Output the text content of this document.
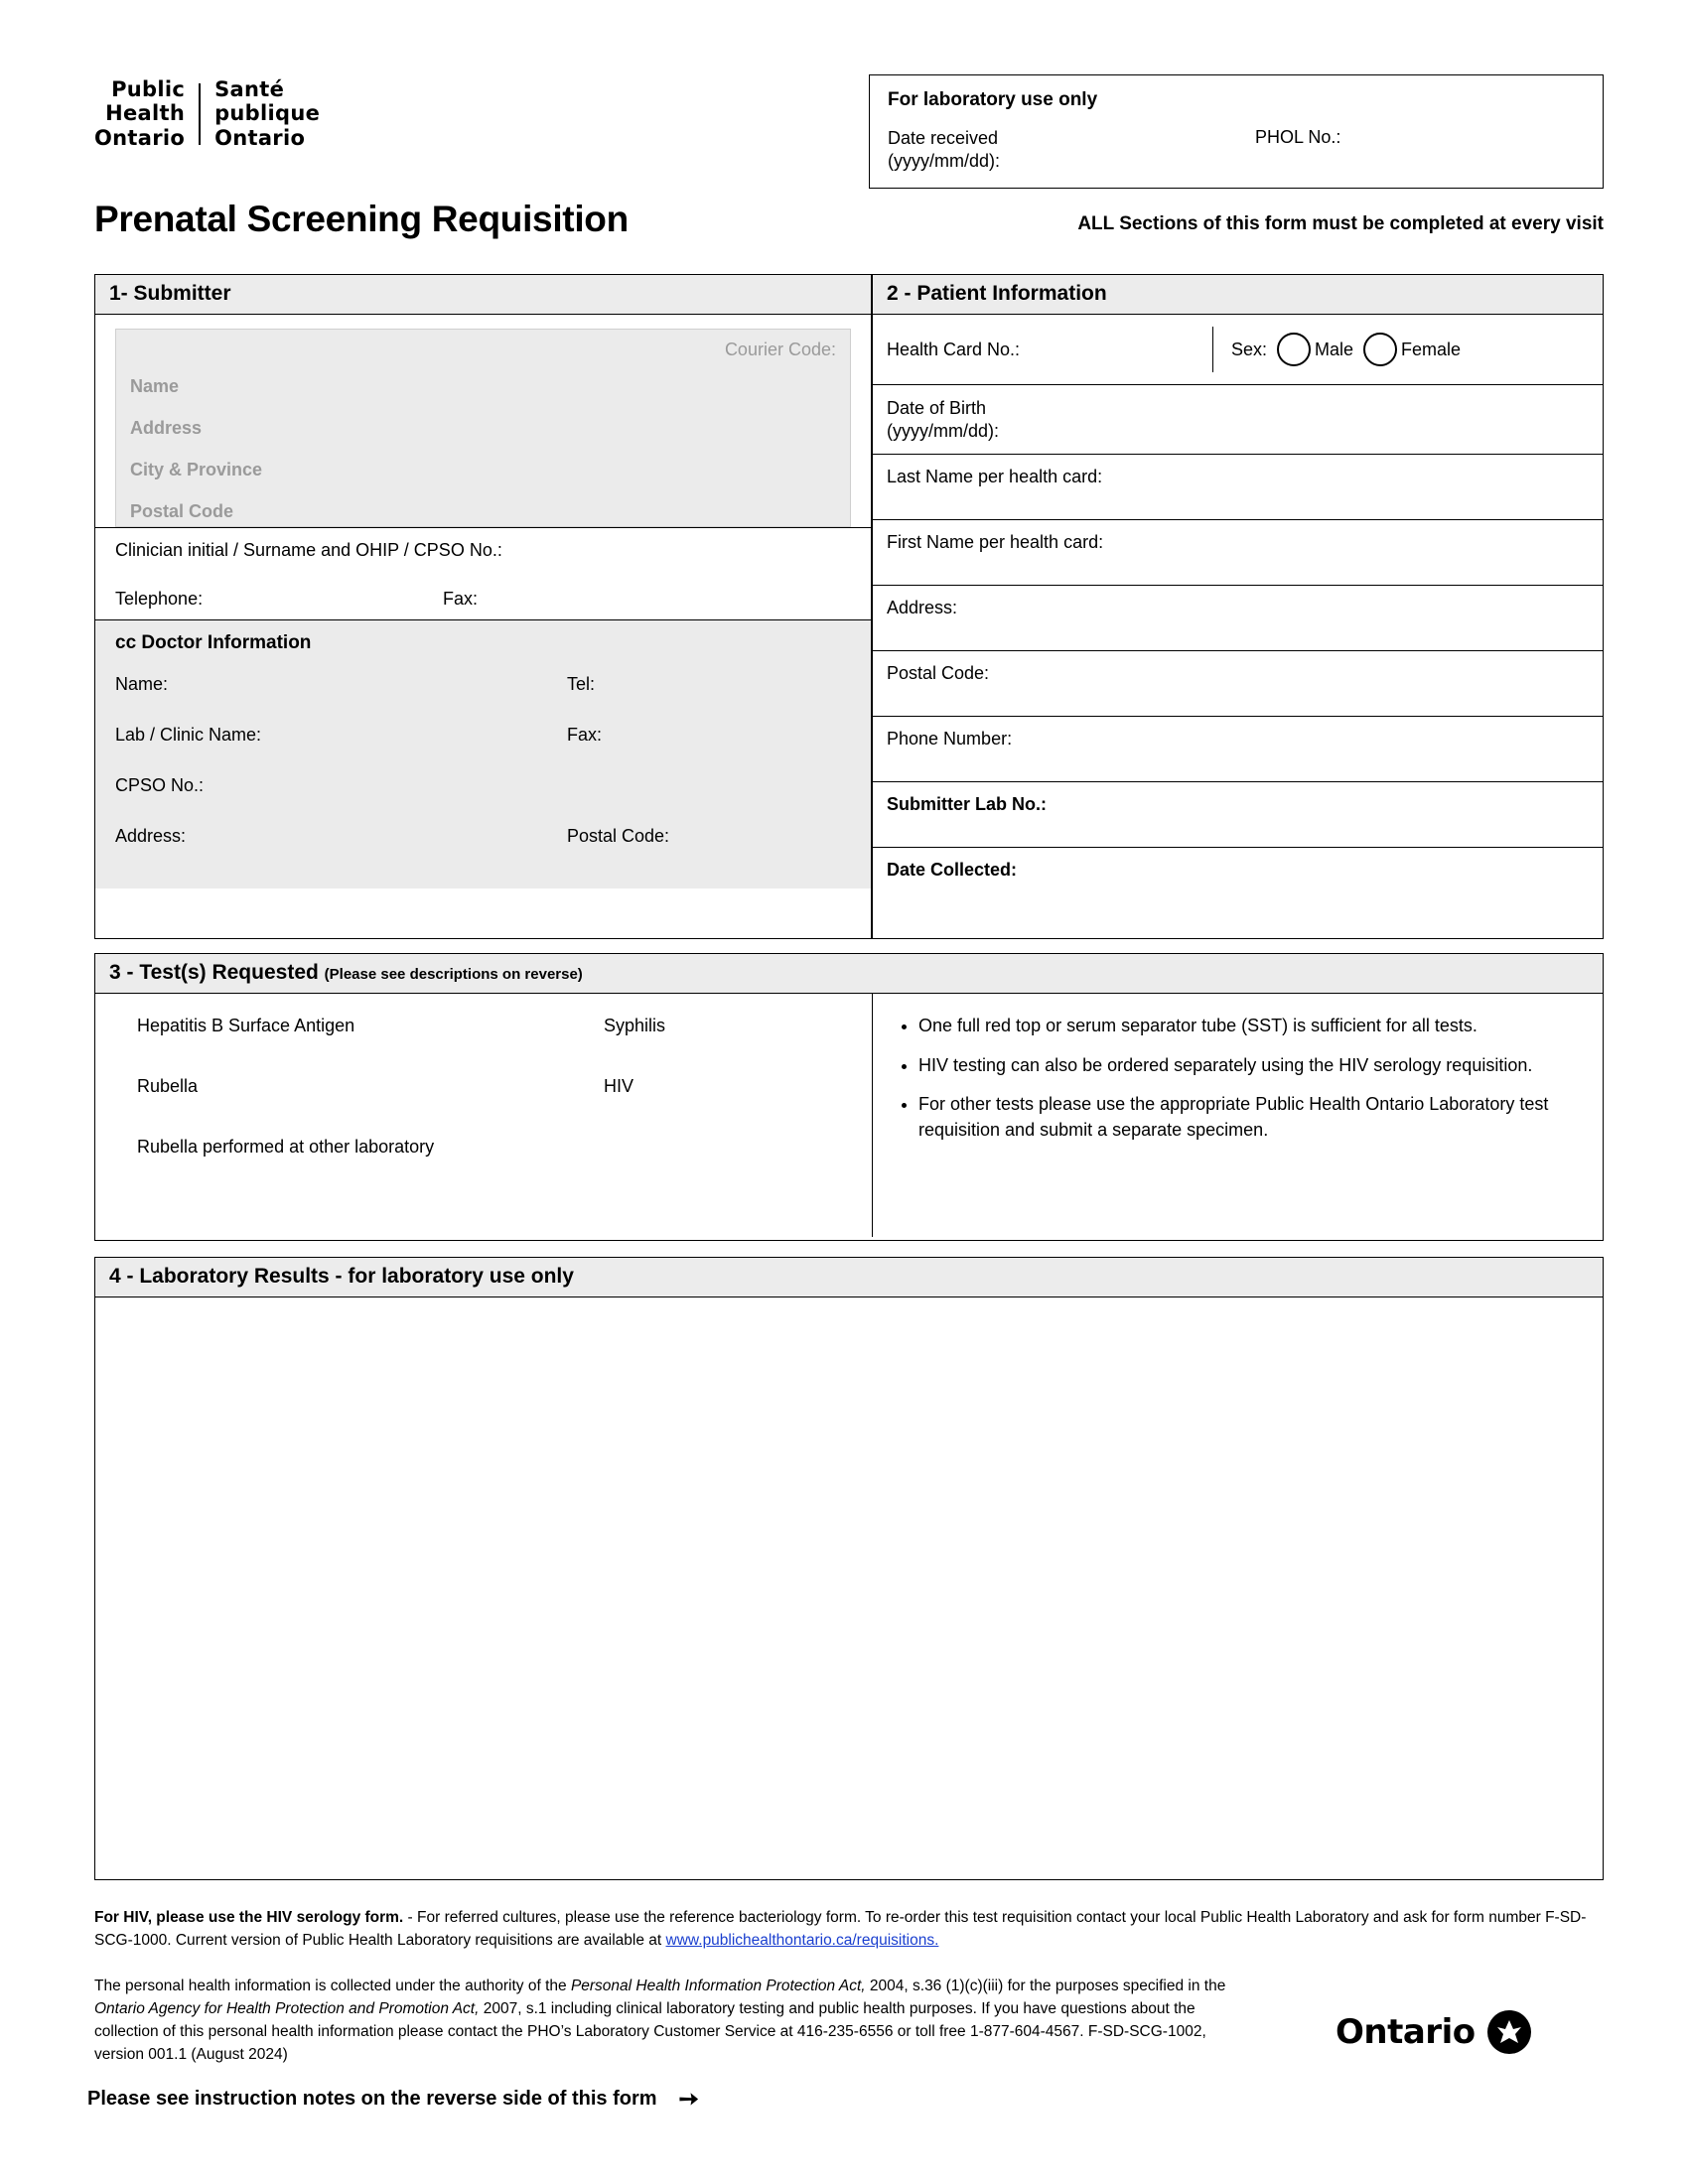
Public
Health
Ontario
Santé
publique
Ontario
For laboratory use only
Date received
(yyyy/mm/dd):
PHOL No.:
Prenatal Screening Requisition	ALL Sections of this form must be completed at every visit
1- Submitter
Courier Code:
Name
Address
City & Province
Postal Code
Clinician initial / Surname and OHIP / CPSO No.:
Telephone:	Fax:
cc Doctor Information
Name:	Tel:
Lab / Clinic Name:	Fax:
CPSO No.:
Address:	Postal Code:
2 - Patient Information
Health Card No.:	Sex:	Male	Female
Date of Birth
(yyyy/mm/dd):
Last Name per health card:
First Name per health card:
Address:
Postal Code:
Phone Number:
Submitter Lab No.:
Date Collected:
3 - Test(s) Requested (Please see descriptions on reverse)
Hepatitis B Surface Antigen	Syphilis
Rubella	HIV
Rubella performed at other laboratory
• One full red top or serum separator tube (SST) is sufficient for all tests.
• HIV testing can also be ordered separately using the HIV serology requisition.
• For other tests please use the appropriate Public Health Ontario Laboratory test requisition and submit a separate specimen.
4 - Laboratory Results - for laboratory use only
For HIV, please use the HIV serology form. - For referred cultures, please use the reference bacteriology form. To re-order this test requisition contact your local Public Health Laboratory and ask for form number F-SD-SCG-1000. Current version of Public Health Laboratory requisitions are available at www.publichealthontario.ca/requisitions.
The personal health information is collected under the authority of the Personal Health Information Protection Act, 2004, s.36 (1)(c)(iii) for the purposes specified in the Ontario Agency for Health Protection and Promotion Act, 2007, s.1 including clinical laboratory testing and public health purposes. If you have questions about the collection of this personal health information please contact the PHO’s Laboratory Customer Service at 416-235-6556 or toll free 1-877-604-4567. F-SD-SCG-1002, version 001.1 (August 2024)
Ontario
Please see instruction notes on the reverse side of this form ➙
